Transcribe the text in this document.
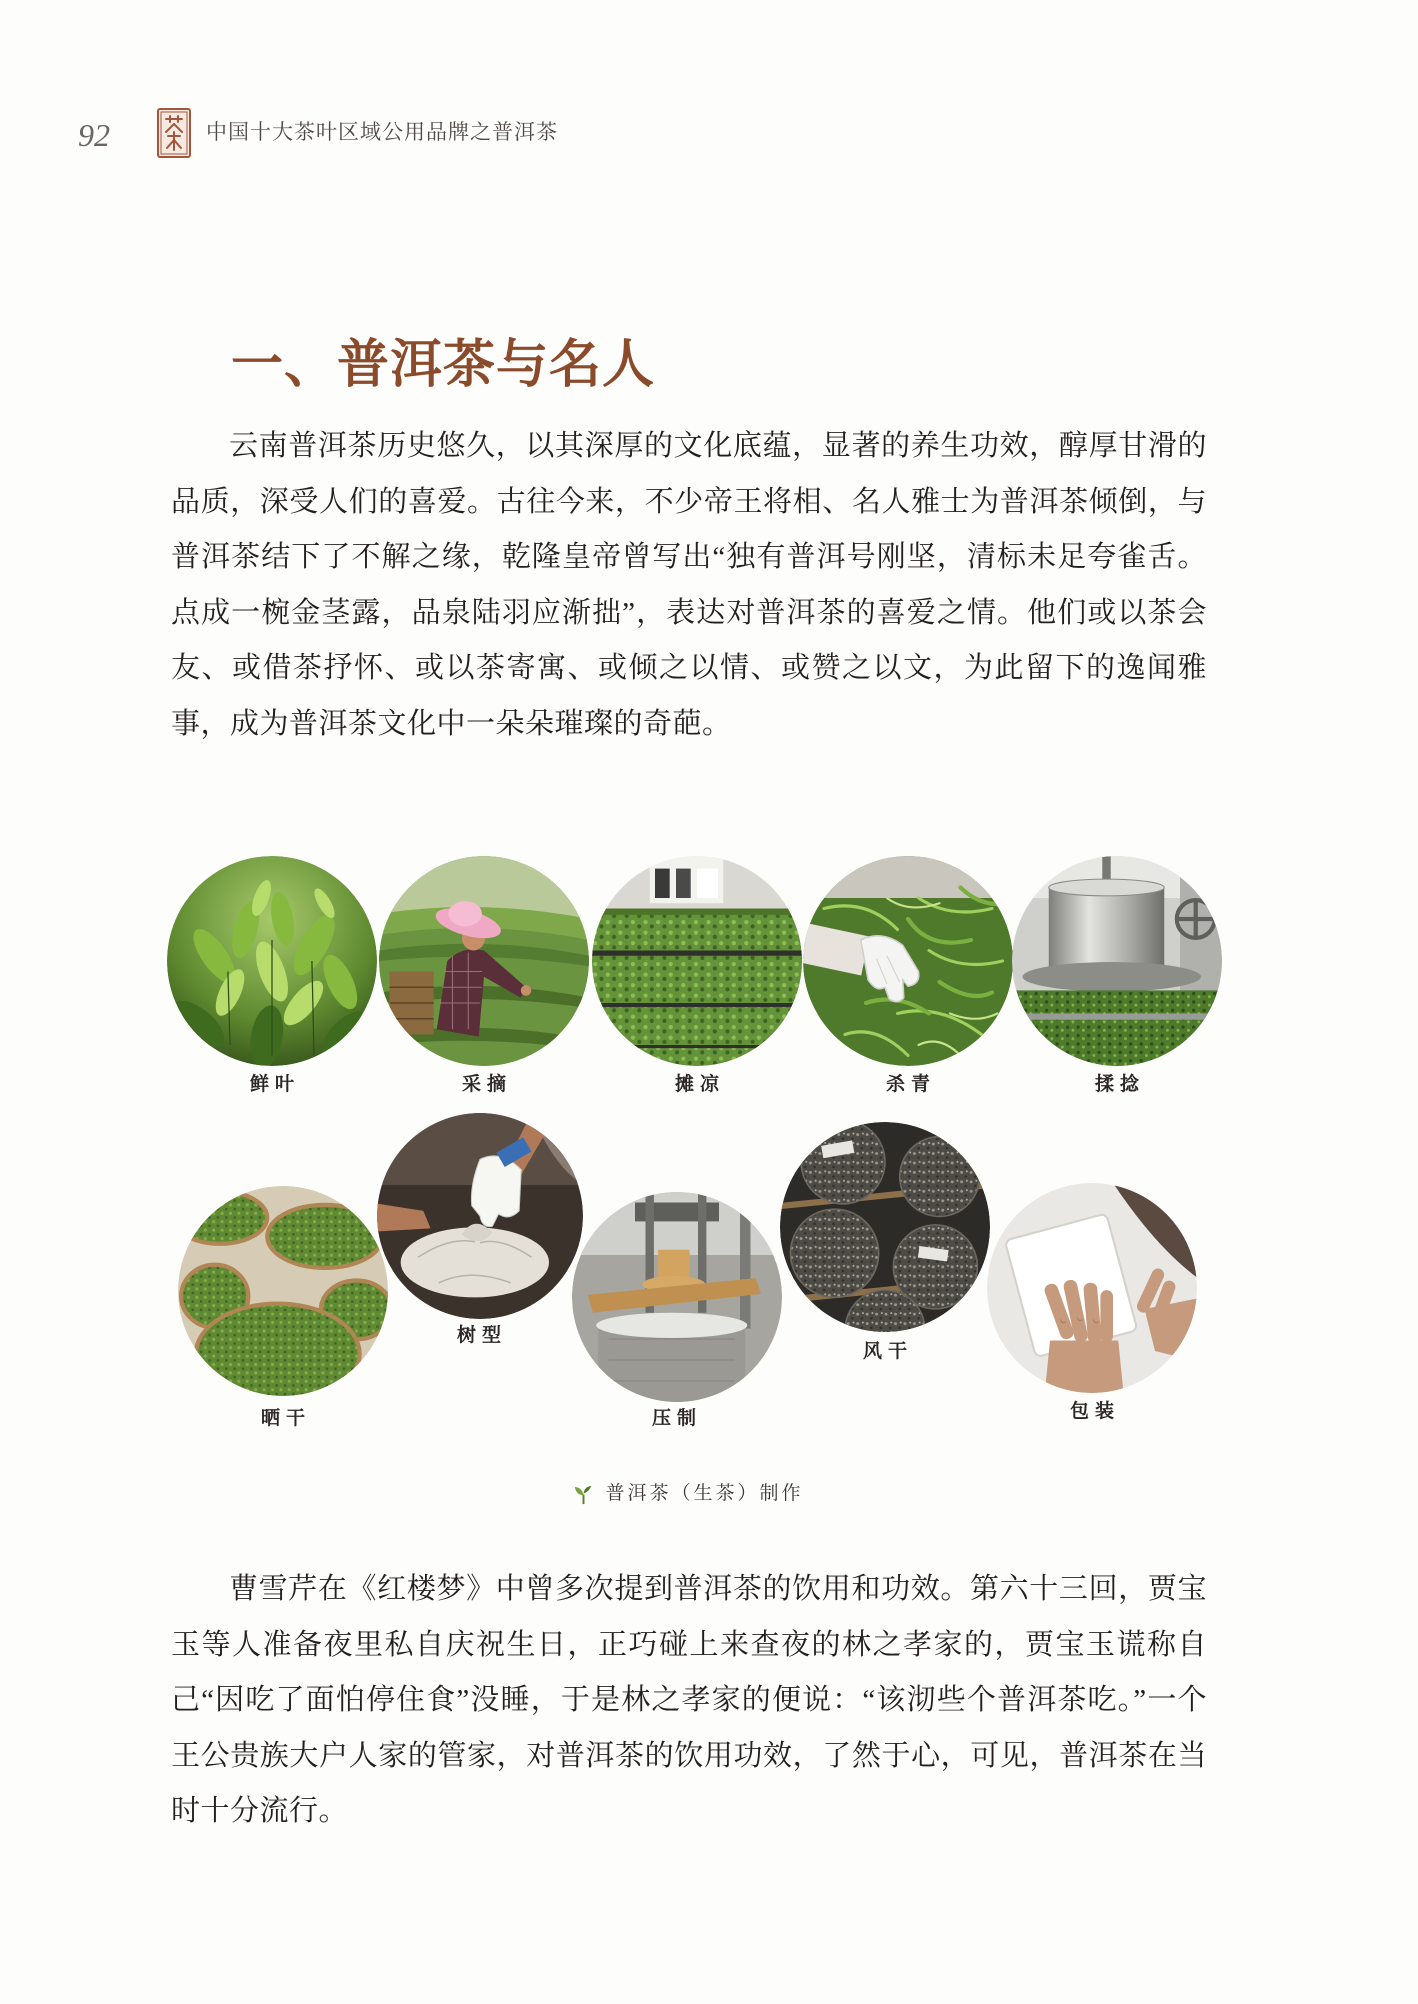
92	中国十大茶叶区域公用品牌之普洱茶
一、普洱茶与名人

云南普洱茶历史悠久，以其深厚的文化底蕴，显著的养生功效，醇厚甘滑的品质，深受人们的喜爱。古往今来，不少帝王将相、名人雅士为普洱茶倾倒，与普洱茶结下了不解之缘，乾隆皇帝曾写出“独有普洱号刚坚，清标未足夸雀舌。点成一椀金茎露，品泉陆羽应渐拙”，表达对普洱茶的喜爱之情。他们或以茶会友、或借茶抒怀、或以茶寄寓、或倾之以情、或赞之以文，为此留下的逸闻雅事，成为普洱茶文化中一朵朵璀璨的奇葩。

鲜叶	采摘	摊凉	杀青	揉捻
晒干
树型
压制
风干
包装
普洱茶（生茶）制作

曹雪芹在《红楼梦》中曾多次提到普洱茶的饮用和功效。第六十三回，贾宝玉等人准备夜里私自庆祝生日，正巧碰上来查夜的林之孝家的，贾宝玉谎称自己“因吃了面怕停住食”没睡，于是林之孝家的便说：“该沏些个普洱茶吃。”一个王公贵族大户人家的管家，对普洱茶的饮用功效，了然于心，可见，普洱茶在当时十分流行。
